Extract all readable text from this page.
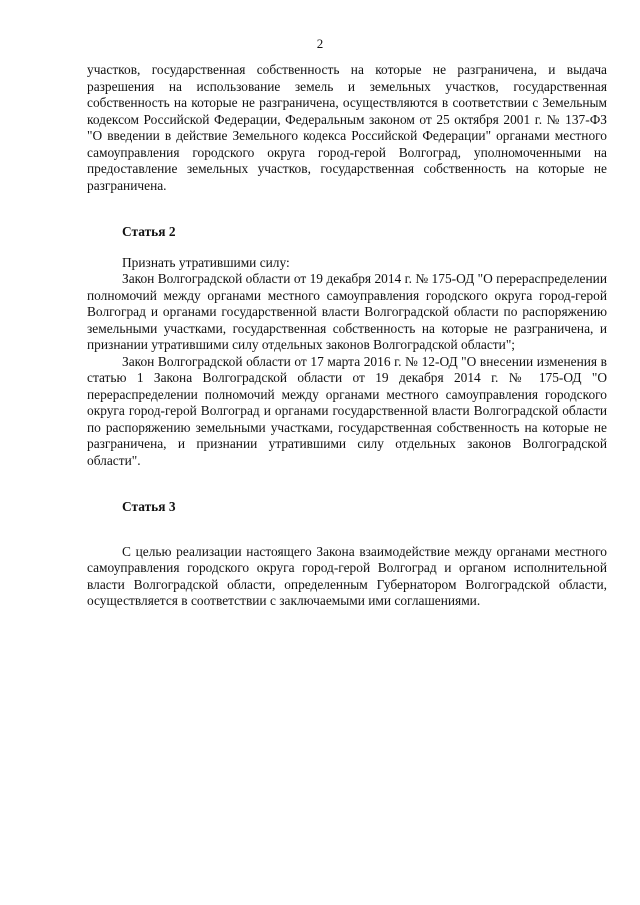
2

участков, государственная собственность на которые не разграничена, и выдача разрешения на использование земель и земельных участков, государственная собственность на которые не разграничена, осуществляются в соответствии с Земельным кодексом Российской Федерации, Федеральным законом от 25 октября 2001 г. № 137-ФЗ "О введении в действие Земельного кодекса Российской Федерации" органами местного самоуправления городского округа город-герой Волгоград, уполномоченными на предоставление земельных участков, государственная собственность на которые не разграничена.

Статья 2

Признать утратившими силу:

Закон Волгоградской области от 19 декабря 2014 г. № 175-ОД "О перераспределении полномочий между органами местного самоуправления городского округа город-герой Волгоград и органами государственной власти Волгоградской области по распоряжению земельными участками, государственная собственность на которые не разграничена, и признании утратившими силу отдельных законов Волгоградской области";

Закон Волгоградской области от 17 марта 2016 г. № 12-ОД "О внесении изменения в статью 1 Закона Волгоградской области от 19 декабря 2014 г. № 175-ОД "О перераспределении полномочий между органами местного самоуправления городского округа город-герой Волгоград и органами государственной власти Волгоградской области по распоряжению земельными участками, государственная собственность на которые не разграничена, и признании утратившими силу отдельных законов Волгоградской области".

Статья 3

С целью реализации настоящего Закона взаимодействие между органами местного самоуправления городского округа город-герой Волгоград и органом исполнительной власти Волгоградской области, определенным Губернатором Волгоградской области, осуществляется в соответствии с заключаемыми ими соглашениями.
